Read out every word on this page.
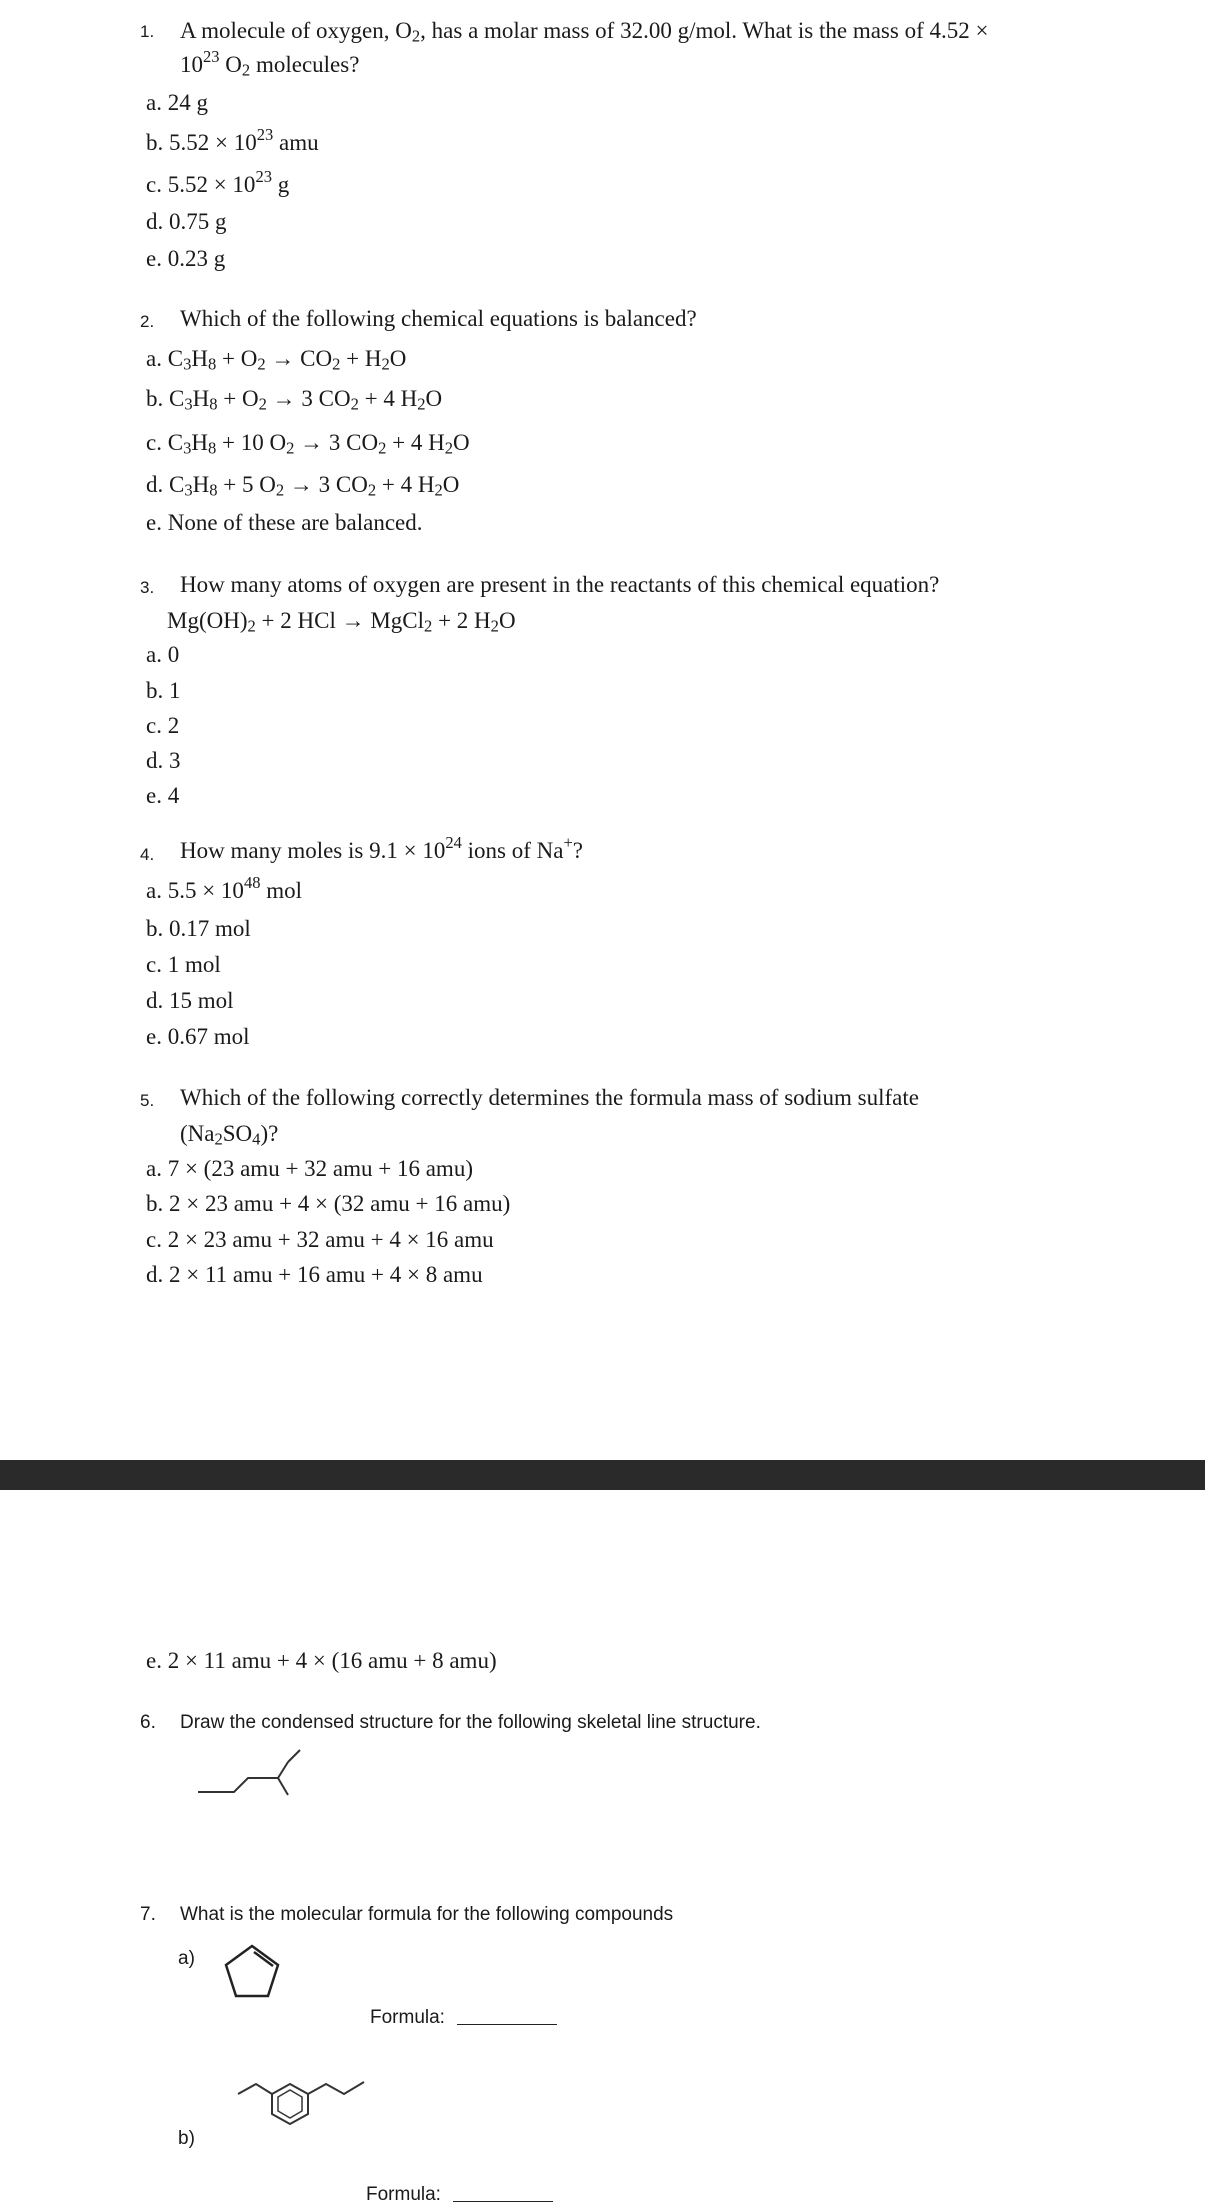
1. A molecule of oxygen, $O_2$, has a molar mass of 32.00 g/mol. What is the mass of 4.52 ×
$10^{23}$ $O_2$ molecules?
a. 24 g
b. $5.52 \times 10^{23}$ amu
c. $5.52 \times 10^{23}$ g
d. 0.75 g
e. 0.23 g
2. Which of the following chemical equations is balanced?
a. $C_3H_8 + O_2 \to CO_2 + H_2O$
b. $C_3H_8 + O_2 \to 3$ $CO_2 + 4$ $H_2O$
c. $C_3H_8 + 10$ $O_2 \to 3$ $CO_2 + 4$ $H_2O$
d. $C_3H_8 + 5$ $O_2 \to 3$ $CO_2 + 4$ $H_2O$
e. None of these are balanced.
3. How many atoms of oxygen are present in the reactants of this chemical equation?
$Mg(OH)_2 + 2$ HCl → MgCl$_2$ + 2 $H_2O$
a. 0
b. 1
c. 2
d. 3
e. 4
4. How many moles is $9.1 \times 10^{24}$ ions of Na+?
a. $5.5 \times 10^{48}$ mol
b. 0.17 mol
c. 1 mol
d. 15 mol
e. 0.67 mol
5. Which of the following correctly determines the formula mass of sodium sulfate
$(Na_2SO_4)$?
a. 7 × (23 amu + 32 amu + 16 amu)
b. 2 × 23 amu + 4 × (32 amu + 16 amu)
c. 2 × 23 amu + 32 amu + 4 × 16 amu
d. 2 × 11 amu + 16 amu + 4 × 8 amu
e. 2 × 11 amu + 4 × (16 amu + 8 amu)
6. Draw the condensed structure for the following skeletal line structure.
7. What is the molecular formula for the following compounds
a)
Formula:
b)
Formula:
